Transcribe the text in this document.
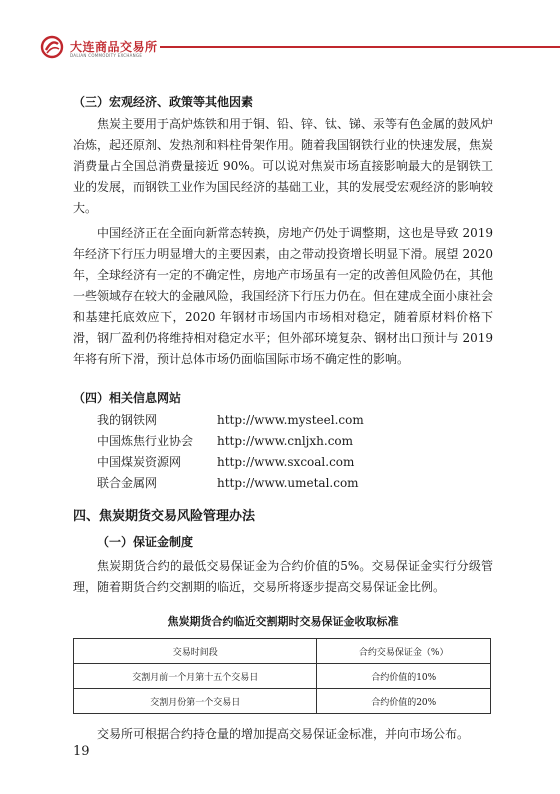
大连商品交易所
DALIAN COMMODITY EXCHANGE

（三）宏观经济、政策等其他因素

焦炭主要用于高炉炼铁和用于铜、铅、锌、钛、锑、汞等有色金属的鼓风炉冶炼，起还原剂、发热剂和料柱骨架作用。随着我国钢铁行业的快速发展，焦炭消费量占全国总消费量接近 90%。可以说对焦炭市场直接影响最大的是钢铁工业的发展，而钢铁工业作为国民经济的基础工业，其的发展受宏观经济的影响较大。

中国经济正在全面向新常态转换，房地产仍处于调整期，这也是导致 2019 年经济下行压力明显增大的主要因素，由之带动投资增长明显下滑。展望 2020 年，全球经济有一定的不确定性，房地产市场虽有一定的改善但风险仍在，其他一些领域存在较大的金融风险，我国经济下行压力仍在。但在建成全面小康社会和基建托底效应下，2020 年钢材市场国内市场相对稳定，随着原材料价格下滑，钢厂盈利仍将维持相对稳定水平；但外部环境复杂、钢材出口预计与 2019 年将有所下滑，预计总体市场仍面临国际市场不确定性的影响。

（四）相关信息网站

我的钢铁网	http://www.mysteel.com
中国炼焦行业协会	http://www.cnljxh.com
中国煤炭资源网	http://www.sxcoal.com
联合金属网	http://www.umetal.com

四、焦炭期货交易风险管理办法

（一）保证金制度

焦炭期货合约的最低交易保证金为合约价值的5%。交易保证金实行分级管理，随着期货合约交割期的临近，交易所将逐步提高交易保证金比例。

焦炭期货合约临近交割期时交易保证金收取标准

交易时间段	合约交易保证金（%）
交割月前一个月第十五个交易日	合约价值的10%
交割月份第一个交易日	合约价值的20%

交易所可根据合约持仓量的增加提高交易保证金标准，并向市场公布。

19
